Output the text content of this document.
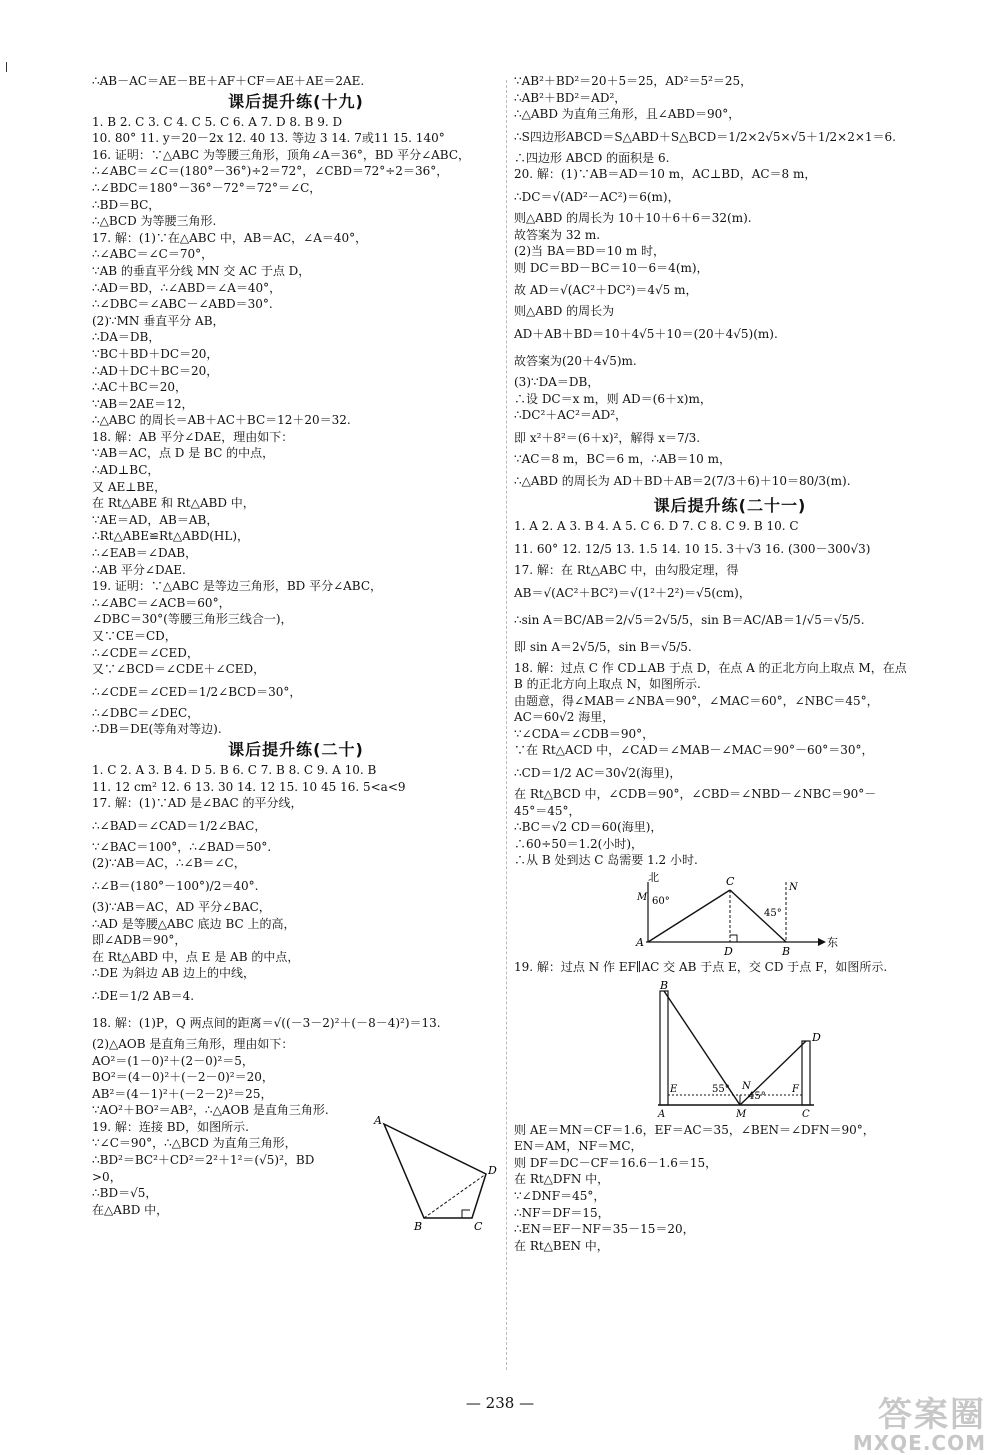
∴AB－AC＝AE－BE＋AF＋CF＝AE＋AE＝2AE.
课后提升练(十九)
1. B 2. C 3. C 4. C 5. C 6. A 7. D 8. B 9. D
10. 80° 11. y＝20－2x 12. 40 13. 等边 3 14. 7或11 15. 140°
16. 证明：∵△ABC 为等腰三角形，顶角∠A＝36°，BD 平分∠ABC，
∴∠ABC＝∠C＝(180°－36°)÷2＝72°，∠CBD＝72°÷2＝36°，
∴∠BDC＝180°－36°－72°＝72°＝∠C，
∴BD＝BC，
∴△BCD 为等腰三角形.
17. 解：(1)∵在△ABC 中，AB＝AC，∠A＝40°，
∴∠ABC＝∠C＝70°，
∵AB 的垂直平分线 MN 交 AC 于点 D，
∴AD＝BD，∴∠ABD＝∠A＝40°，
∴∠DBC＝∠ABC－∠ABD＝30°.
(2)∵MN 垂直平分 AB，
∴DA＝DB，
∵BC＋BD＋DC＝20，
∴AD＋DC＋BC＝20，
∴AC＋BC＝20，
∵AB＝2AE＝12，
∴△ABC 的周长＝AB＋AC＋BC＝12＋20＝32.
18. 解：AB 平分∠DAE，理由如下：
∵AB＝AC，点 D 是 BC 的中点，
∴AD⊥BC，
又 AE⊥BE，
在 Rt△ABE 和 Rt△ABD 中，
∵AE＝AD，AB＝AB，
∴Rt△ABE≌Rt△ABD(HL)，
∴∠EAB＝∠DAB，
∴AB 平分∠DAE.
19. 证明：∵△ABC 是等边三角形，BD 平分∠ABC，
∴∠ABC＝∠ACB＝60°，
∠DBC＝30°(等腰三角形三线合一)，
又∵CE＝CD，
∴∠CDE＝∠CED，
又∵∠BCD＝∠CDE＋∠CED，
∴∠CDE＝∠CED＝1/2∠BCD＝30°，
∴∠DBC＝∠DEC，
∴DB＝DE(等角对等边).
课后提升练(二十)
1. C 2. A 3. B 4. D 5. B 6. C 7. B 8. C 9. A 10. B
11. 12 cm² 12. 6 13. 30 14. 12 15. 10 45 16. 5<a<9
17. 解：(1)∵AD 是∠BAC 的平分线，
∴∠BAD＝∠CAD＝1/2∠BAC，
∵∠BAC＝100°，∴∠BAD＝50°.
(2)∵AB＝AC，∴∠B＝∠C，
∴∠B＝(180°－100°)/2＝40°.
(3)∵AB＝AC，AD 平分∠BAC，
∴AD 是等腰△ABC 底边 BC 上的高，
即∠ADB＝90°，
在 Rt△ABD 中，点 E 是 AB 的中点，
∴DE 为斜边 AB 边上的中线，
∴DE＝1/2 AB＝4.
18. 解：(1)P，Q 两点间的距离＝√((－3－2)²＋(－8－4)²)＝13.
(2)△AOB 是直角三角形，理由如下：
AO²＝(1－0)²＋(2－0)²＝5，
BO²＝(4－0)²＋(－2－0)²＝20，
AB²＝(4－1)²＋(－2－2)²＝25，
∵AO²＋BO²＝AB²，∴△AOB 是直角三角形.
19. 解：连接 BD，如图所示.
∵∠C＝90°，∴△BCD 为直角三角形，
∴BD²＝BC²＋CD²＝2²＋1²＝(√5)²，BD
>0，
∴BD＝√5，
在△ABD 中，
A
D
B	C
∵AB²＋BD²＝20＋5＝25，AD²＝5²＝25，
∴AB²＋BD²＝AD²，
∴△ABD 为直角三角形，且∠ABD＝90°，
∴S四边形ABCD＝S△ABD＋S△BCD＝1/2×2√5×√5＋1/2×2×1＝6.
∴四边形 ABCD 的面积是 6.
20. 解：(1)∵AB＝AD＝10 m，AC⊥BD，AC＝8 m，
∴DC＝√(AD²－AC²)＝6(m)，
则△ABD 的周长为 10＋10＋6＋6＝32(m).
故答案为 32 m.
(2)当 BA＝BD＝10 m 时，
则 DC＝BD－BC＝10－6＝4(m)，
故 AD＝√(AC²＋DC²)＝4√5 m，
则△ABD 的周长为
AD＋AB＋BD＝10＋4√5＋10＝(20＋4√5)(m).
故答案为(20＋4√5)m.
(3)∵DA＝DB，
∴设 DC＝x m，则 AD＝(6＋x)m，
∴DC²＋AC²＝AD²，
即 x²＋8²＝(6＋x)²，解得 x＝7/3.
∵AC＝8 m，BC＝6 m，∴AB＝10 m，
∴△ABD 的周长为 AD＋BD＋AB＝2(7/3＋6)＋10＝80/3(m).
课后提升练(二十一)
1. A 2. A 3. B 4. A 5. C 6. D 7. C 8. C 9. B 10. C
11. 60° 12. 12/5 13. 1.5 14. 10 15. 3＋√3 16. (300－300√3)
17. 解：在 Rt△ABC 中，由勾股定理，得
AB＝√(AC²＋BC²)＝√(1²＋2²)＝√5(cm)，
∴sin A＝BC/AB＝2/√5＝2√5/5，sin B＝AC/AB＝1/√5＝√5/5.
即 sin A＝2√5/5，sin B＝√5/5.
18. 解：过点 C 作 CD⊥AB 于点 D，在点 A 的正北方向上取点 M，在点
B 的正北方向上取点 N，如图所示.
由题意，得∠MAB＝∠NBA＝90°，∠MAC＝60°，∠NBC＝45°，
AC＝60√2 海里，
∵∠CDA＝∠CDB＝90°，
∵在 Rt△ACD 中，∠CAD＝∠MAB－∠MAC＝90°－60°＝30°，
∴CD＝1/2 AC＝30√2(海里)，
在 Rt△BCD 中，∠CDB＝90°，∠CBD＝∠NBD－∠NBC＝90°－
45°＝45°，
∴BC＝√2 CD＝60(海里)，
∴60÷50＝1.2(小时)，
∴从 B 处到达 C 岛需要 1.2 小时.
北
东
M
N
C
A
D	B
60°
45°
19. 解：过点 N 作 EF∥AC 交 AB 于点 E，交 CD 于点 F，如图所示.
B
D
E	F
N
A	M	C
55°
45°
则 AE＝MN＝CF＝1.6，EF＝AC＝35，∠BEN＝∠DFN＝90°，
EN＝AM，NF＝MC，
则 DF＝DC－CF＝16.6－1.6＝15，
在 Rt△DFN 中，
∵∠DNF＝45°，
∴NF＝DF＝15，
∴EN＝EF－NF＝35－15＝20，
在 Rt△BEN 中，
— 238 —	答案圈
MXQE.COM
